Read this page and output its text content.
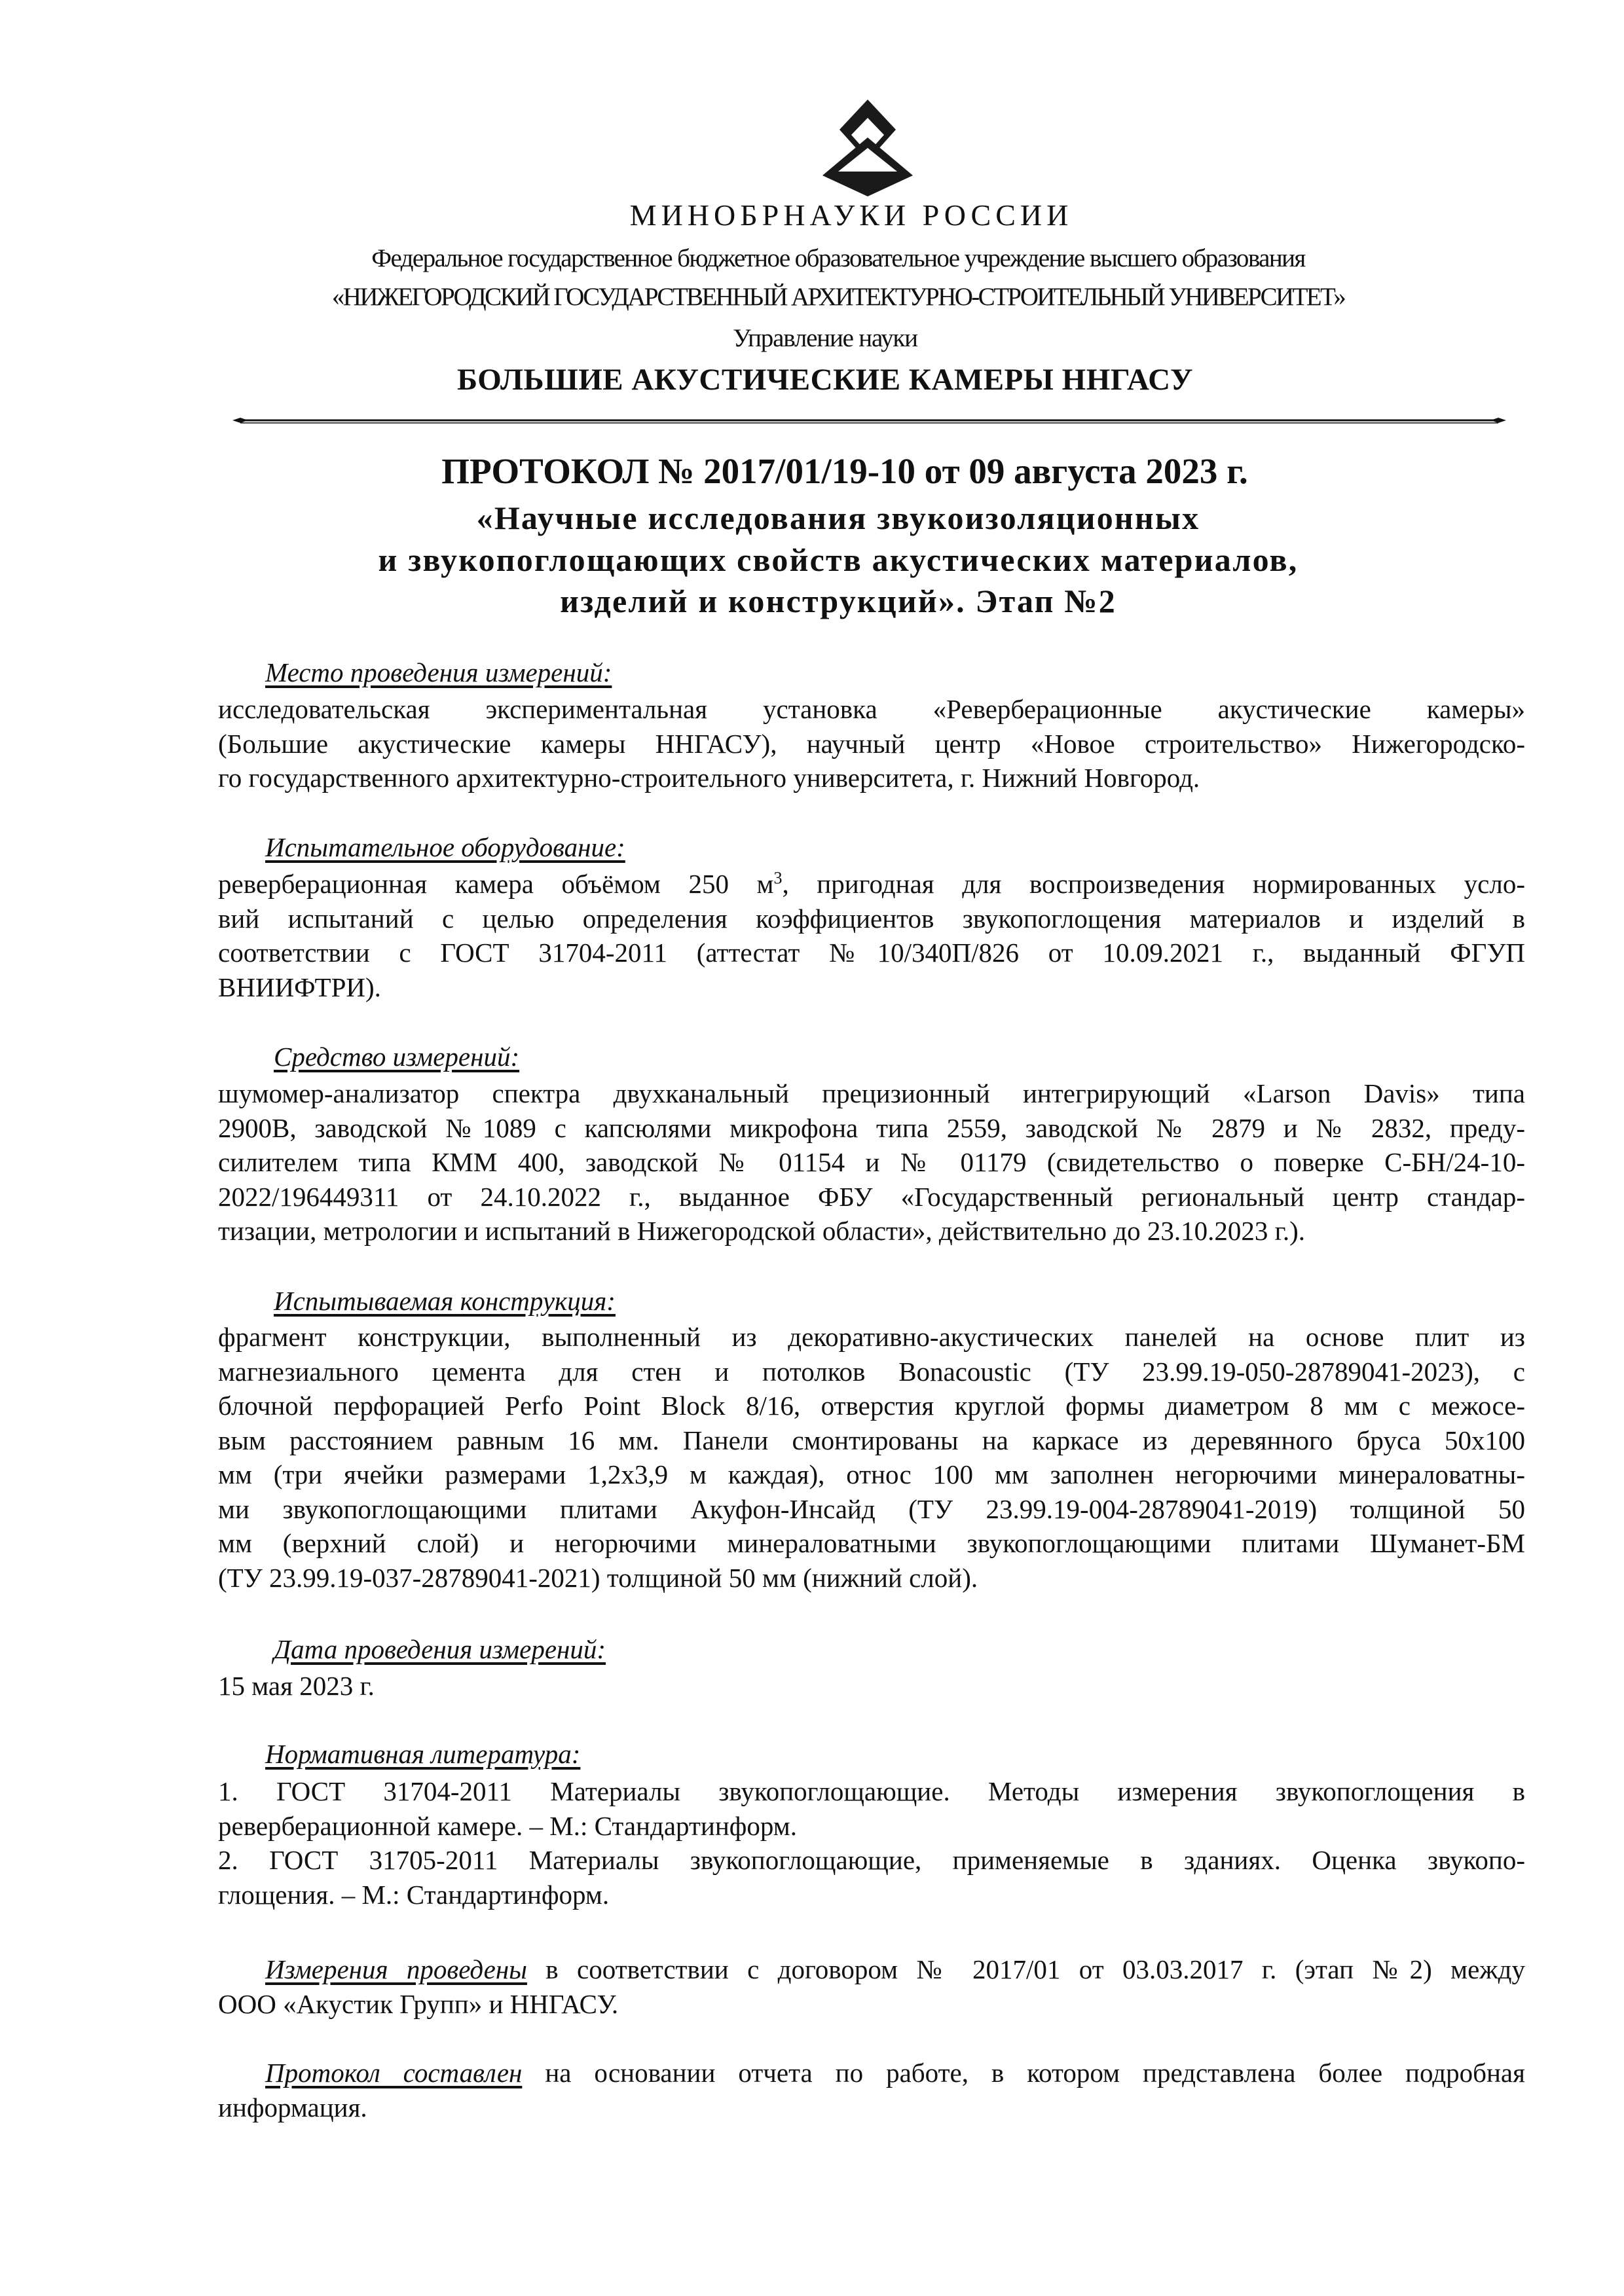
МИНОБРНАУКИ РОССИИ
Федеральное государственное бюджетное образовательное учреждение высшего образования
«НИЖЕГОРОДСКИЙ ГОСУДАРСТВЕННЫЙ АРХИТЕКТУРНО-СТРОИТЕЛЬНЫЙ УНИВЕРСИТЕТ»
Управление науки
БОЛЬШИЕ АКУСТИЧЕСКИЕ КАМЕРЫ ННГАСУ
ПРОТОКОЛ № 2017/01/19-10 от 09 августа 2023 г.
«Научные исследования звукоизоляционных
и звукопоглощающих свойств акустических материалов,
изделий и конструкций». Этап №2
Место проведения измерений:
исследовательская экспериментальная установка «Реверберационные акустические камеры»
(Большие акустические камеры ННГАСУ), научный центр «Новое строительство» Нижегородско-
го государственного архитектурно-строительного университета, г. Нижний Новгород.
Испытательное оборудование:
реверберационная камера объёмом 250 $м^3$, пригодная для воспроизведения нормированных усло-
вий испытаний с целью определения коэффициентов звукопоглощения материалов и изделий в
соответствии с ГОСТ 31704-2011 (аттестат №10/340П/826 от 10.09.2021 г., выданный ФГУП
ВНИИФТРИ).
Средство измерений:
шумомер-анализатор спектра двухканальный прецизионный интегрирующий «Larson Davis» типа
2900В, заводской №1089 с капсюлями микрофона типа 2559, заводской № 2879 и № 2832, преду-
силителем типа КММ 400, заводской № 01154 и № 01179 (свидетельство о поверке С-БН/24-10-
2022/196449311 от 24.10.2022 г., выданное ФБУ «Государственный региональный центр стандар-
тизации, метрологии и испытаний в Нижегородской области», действительно до 23.10.2023 г.).
Испытываемая конструкция:
фрагмент конструкции, выполненный из декоративно-акустических панелей на основе плит из
магнезиального цемента для стен и потолков Bonacoustic (ТУ 23.99.19-050-28789041-2023), с
блочной перфорацией Perfo Point Block 8/16, отверстия круглой формы диаметром 8 мм с межосе-
вым расстоянием равным 16 мм. Панели смонтированы на каркасе из деревянного бруса 50х100
мм (три ячейки размерами 1,2х3,9 м каждая), относ 100 мм заполнен негорючими минераловатны-
ми звукопоглощающими плитами Акуфон-Инсайд (ТУ 23.99.19-004-28789041-2019) толщиной 50
мм (верхний слой) и негорючими минераловатными звукопоглощающими плитами Шуманет-БМ
(ТУ 23.99.19-037-28789041-2021) толщиной 50 мм (нижний слой).
Дата проведения измерений:
15 мая 2023 г.
Нормативная литература:
1. ГОСТ 31704-2011 Материалы звукопоглощающие. Методы измерения звукопоглощения в
реверберационной камере. – М.: Стандартинформ.
2. ГОСТ 31705-2011 Материалы звукопоглощающие, применяемые в зданиях. Оценка звукопо-
глощения. – М.: Стандартинформ.
Измерения проведены в соответствии с договором № 2017/01 от 03.03.2017 г. (этап №2) между
ООО «Акустик Групп» и ННГАСУ.
Протокол составлен на основании отчета по работе, в котором представлена более подробная
информация.
